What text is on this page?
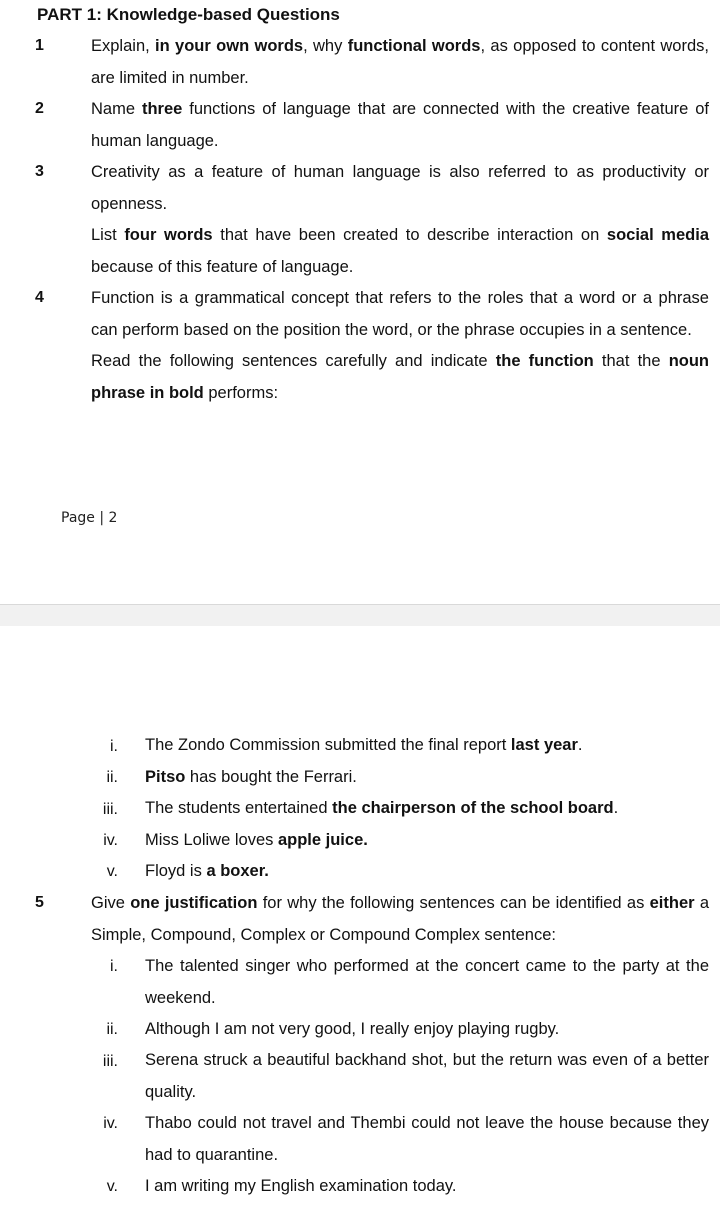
PART 1: Knowledge-based Questions
1	Explain, in your own words, why functional words, as opposed to content words, are limited in number.

2	Name three functions of language that are connected with the creative feature of human language.

3	Creativity as a feature of human language is also referred to as productivity or openness.

List four words that have been created to describe interaction on social media because of this feature of language.

4	Function is a grammatical concept that refers to the roles that a word or a phrase can perform based on the position the word, or the phrase occupies in a sentence.

Read the following sentences carefully and indicate the function that the noun phrase in bold performs:

Page | 2
i. The Zondo Commission submitted the final report last year.
ii. Pitso has bought the Ferrari.
iii. The students entertained the chairperson of the school board.
iv. Miss Loliwe loves apple juice.
v. Floyd is a boxer.
5	Give one justification for why the following sentences can be identified as either a Simple, Compound, Complex or Compound Complex sentence:

i. The talented singer who performed at the concert came to the party at the weekend.
ii. Although I am not very good, I really enjoy playing rugby.
iii. Serena struck a beautiful backhand shot, but the return was even of a better quality.
iv. Thabo could not travel and Thembi could not leave the house because they had to quarantine.
v. I am writing my English examination today.
